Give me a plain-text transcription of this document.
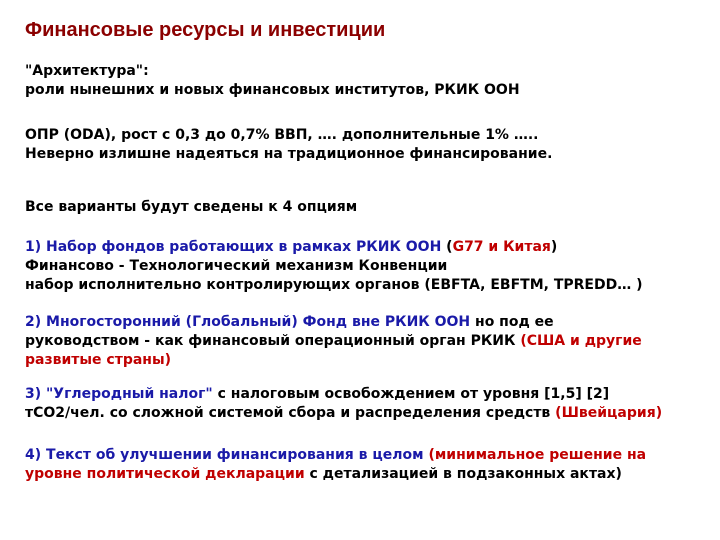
Финансовые ресурсы и инвестиции
"Архитектура":
роли нынешних и новых финансовых институтов, РКИК ООН
ОПР (ODA), рост с 0,3 до 0,7% ВВП, …. дополнительные 1% …..
Неверно излишне надеяться на традиционное финансирование.
Все варианты будут сведены к 4 опциям
1) Набор фондов работающих в рамках РКИК ООН (G77 и Китая)
Финансово - Технологический механизм Конвенции
набор исполнительно контролирующих органов (EBFTA, EBFTM, TPREDD… )
2) Многосторонний (Глобальный) Фонд вне РКИК ООН но под ее
руководством - как финансовый операционный орган РКИК (США и другие
развитые страны)
3) "Углеродный налог" с налоговым освобождением от уровня [1,5] [2]
тСО2/чел. со сложной системой сбора и распределения средств (Швейцария)
4) Текст об улучшении финансирования в целом (минимальное решение на
уровне политической декларации с детализацией в подзаконных актах)
